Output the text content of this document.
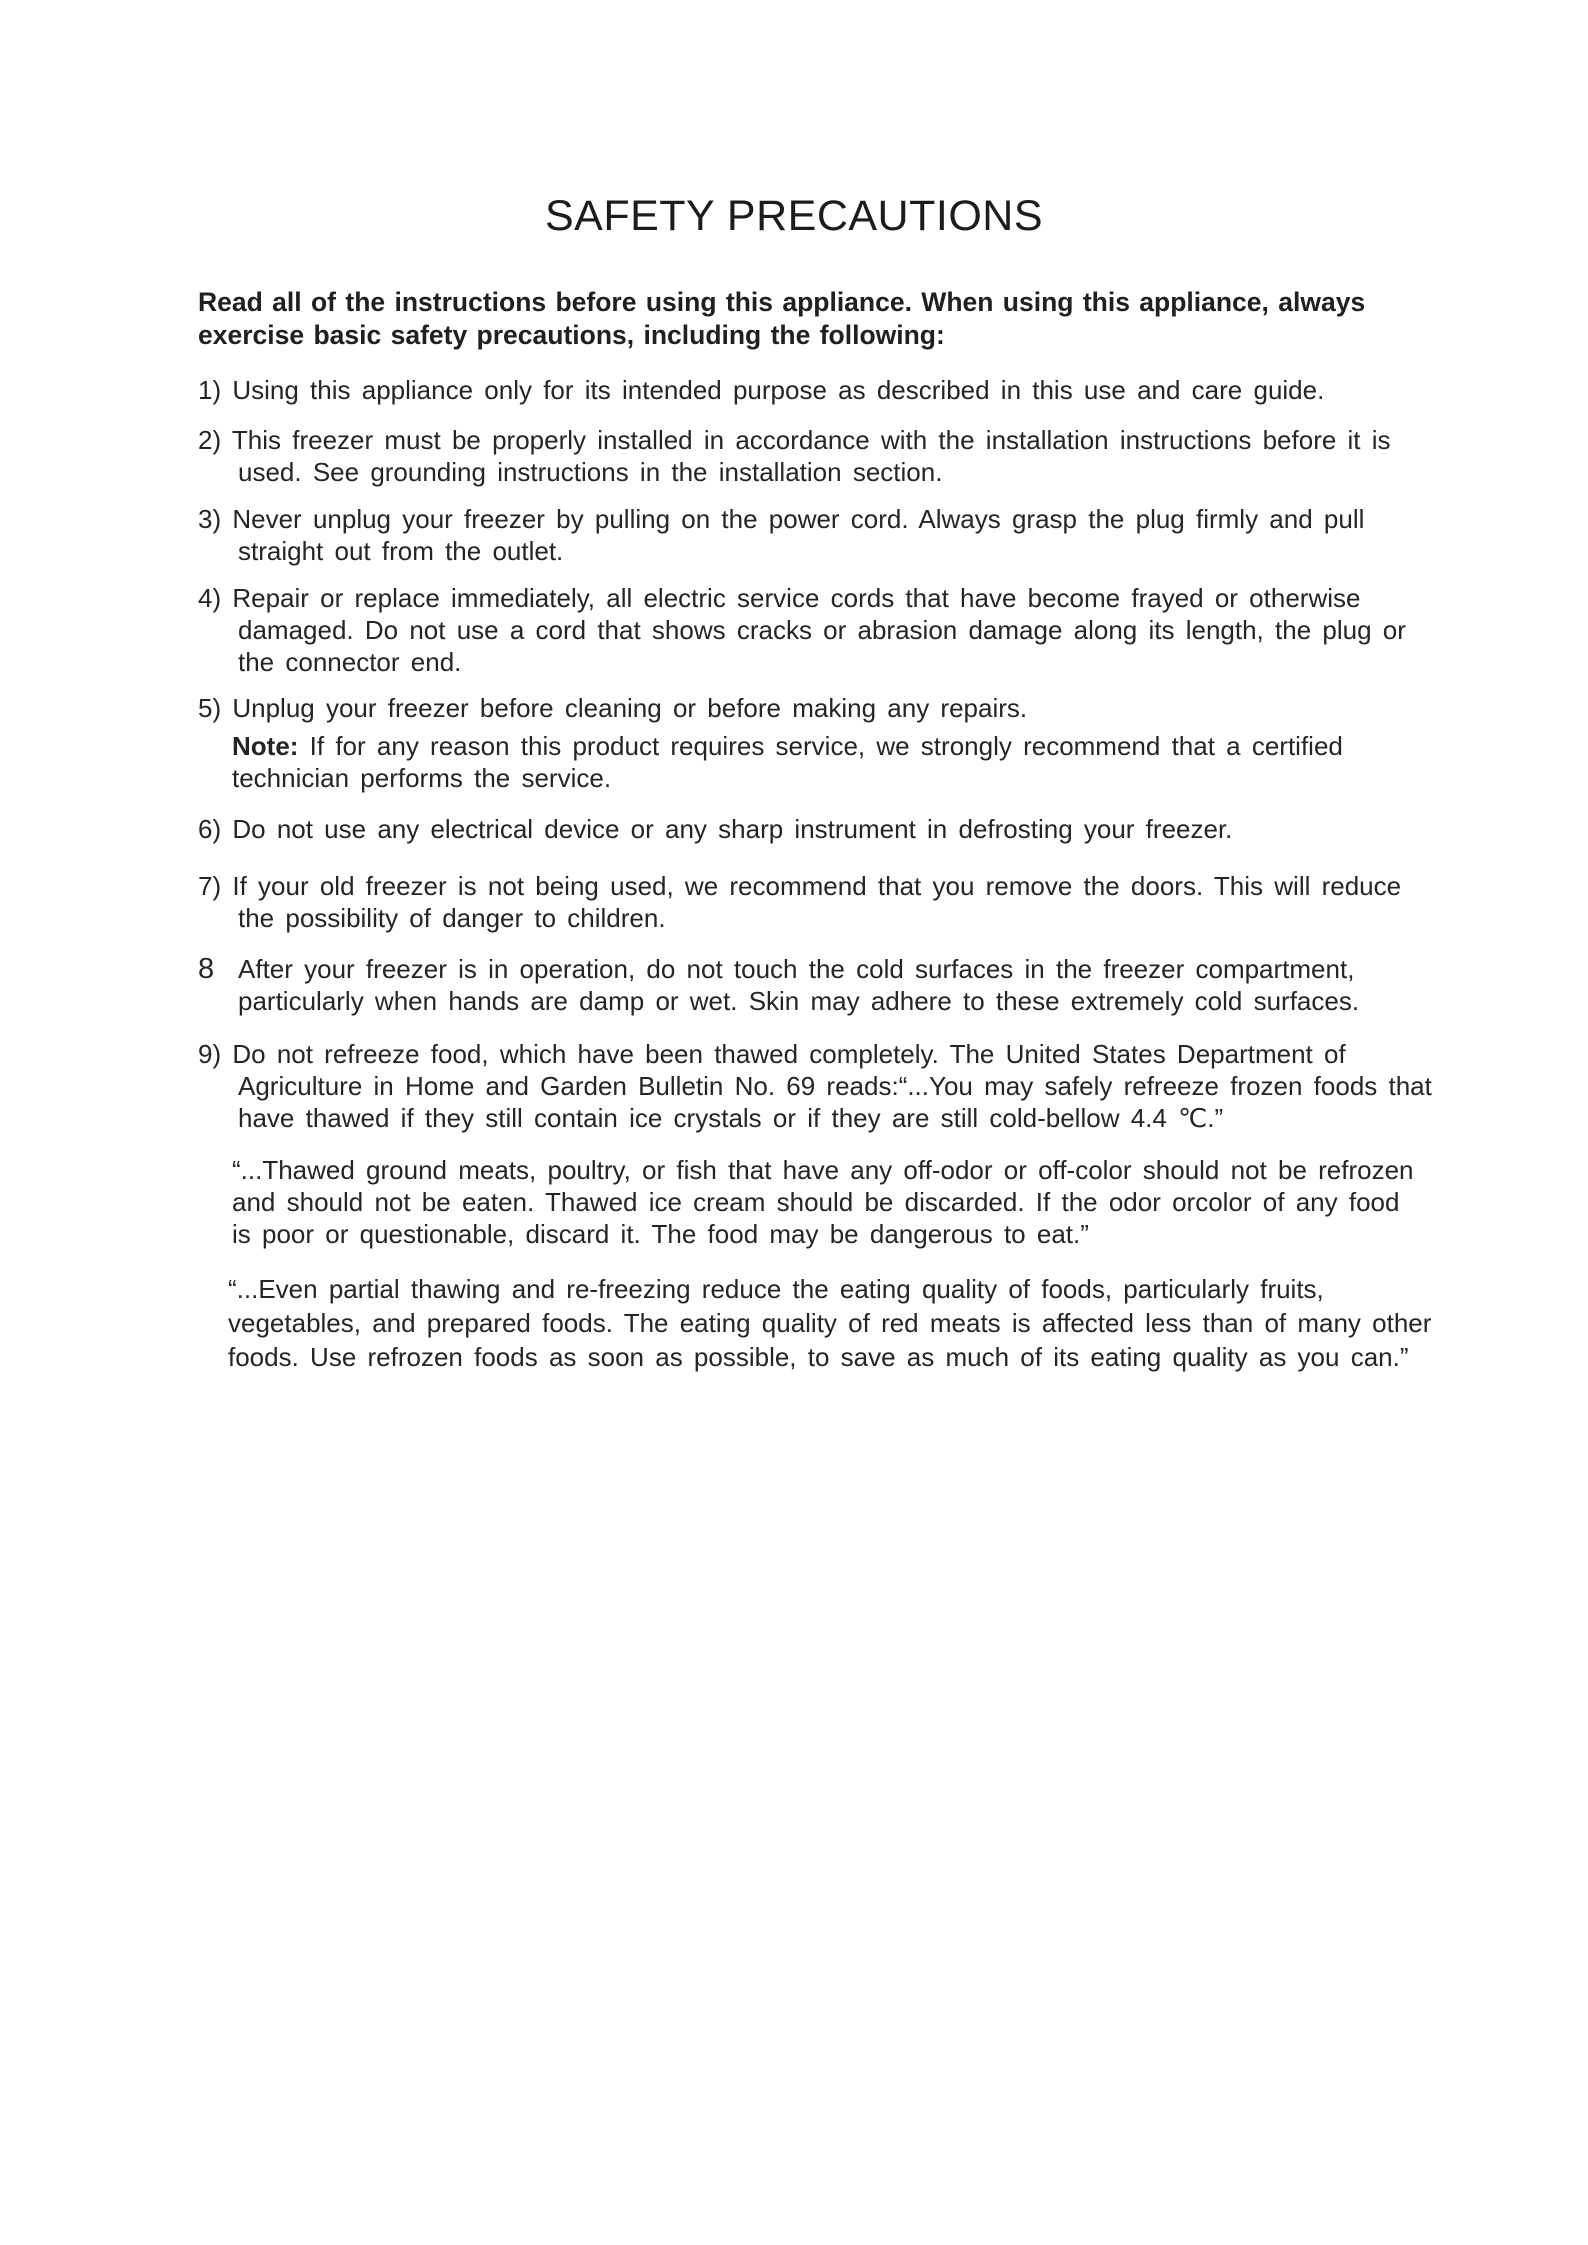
SAFETY PRECAUTIONS

Read all of the instructions before using this appliance. When using this appliance, always exercise basic safety precautions, including the following:

1) Using this appliance only for its intended purpose as described in this use and care guide.

2) This freezer must be properly installed in accordance with the installation instructions before it is
used. See grounding instructions in the installation section.

3) Never unplug your freezer by pulling on the power cord. Always grasp the plug firmly and pull
straight out from the outlet.

4) Repair or replace immediately, all electric service cords that have become frayed or otherwise
damaged. Do not use a cord that shows cracks or abrasion damage along its length, the plug or
the connector end.

5) Unplug your freezer before cleaning or before making any repairs.

Note: If for any reason this product requires service, we strongly recommend that a certified
technician performs the service.

6) Do not use any electrical device or any sharp instrument in defrosting your freezer.

7) If your old freezer is not being used, we recommend that you remove the doors. This will reduce
the possibility of danger to children.

8 After your freezer is in operation, do not touch the cold surfaces in the freezer compartment,
particularly when hands are damp or wet. Skin may adhere to these extremely cold surfaces.

9) Do not refreeze food, which have been thawed completely. The United States Department of
Agriculture in Home and Garden Bulletin No. 69 reads:“...You may safely refreeze frozen foods that
have thawed if they still contain ice crystals or if they are still cold-bellow 4.4 ℃.”

“...Thawed ground meats, poultry, or fish that have any off-odor or off-color should not be refrozen
and should not be eaten. Thawed ice cream should be discarded. If the odor orcolor of any food
is poor or questionable, discard it. The food may be dangerous to eat.”

“...Even partial thawing and re-freezing reduce the eating quality of foods, particularly fruits,
vegetables, and prepared foods. The eating quality of red meats is affected less than of many other
foods. Use refrozen foods as soon as possible, to save as much of its eating quality as you can.”
